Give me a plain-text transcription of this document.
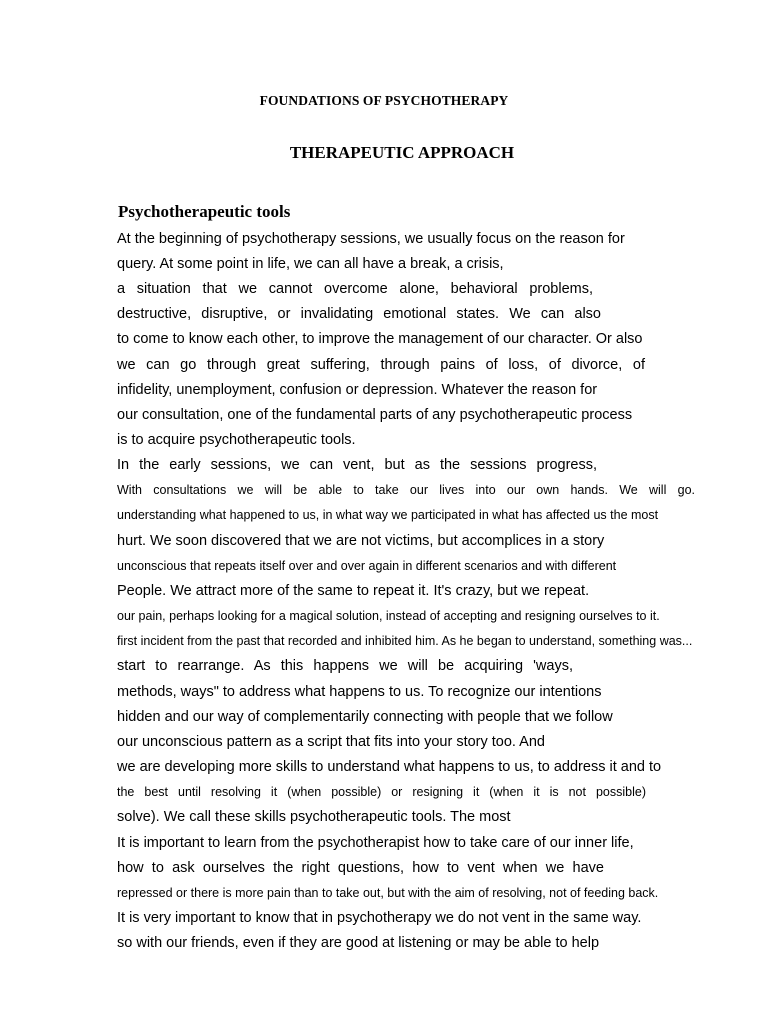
FOUNDATIONS OF PSYCHOTHERAPY
THERAPEUTIC APPROACH
Psychotherapeutic tools
At the beginning of psychotherapy sessions, we usually focus on the reason for
query. At some point in life, we can all have a break, a crisis,
a situation that we cannot overcome alone, behavioral problems,
destructive, disruptive, or invalidating emotional states. We can also
to come to know each other, to improve the management of our character. Or also
we can go through great suffering, through pains of loss, of divorce, of
infidelity, unemployment, confusion or depression. Whatever the reason for
our consultation, one of the fundamental parts of any psychotherapeutic process
is to acquire psychotherapeutic tools.
In the early sessions, we can vent, but as the sessions progress,
With consultations we will be able to take our lives into our own hands. We will go.
understanding what happened to us, in what way we participated in what has affected us the most
hurt. We soon discovered that we are not victims, but accomplices in a story
unconscious that repeats itself over and over again in different scenarios and with different
People. We attract more of the same to repeat it. It's crazy, but we repeat.
our pain, perhaps looking for a magical solution, instead of accepting and resigning ourselves to it.
first incident from the past that recorded and inhibited him. As he began to understand, something was...
start to rearrange. As this happens we will be acquiring 'ways,
methods, ways" to address what happens to us. To recognize our intentions
hidden and our way of complementarily connecting with people that we follow
our unconscious pattern as a script that fits into your story too. And
we are developing more skills to understand what happens to us, to address it and to
the best until resolving it (when possible) or resigning it (when it is not possible)
solve). We call these skills psychotherapeutic tools. The most
It is important to learn from the psychotherapist how to take care of our inner life,
how to ask ourselves the right questions, how to vent when we have
repressed or there is more pain than to take out, but with the aim of resolving, not of feeding back.
It is very important to know that in psychotherapy we do not vent in the same way.
so with our friends, even if they are good at listening or may be able to help
